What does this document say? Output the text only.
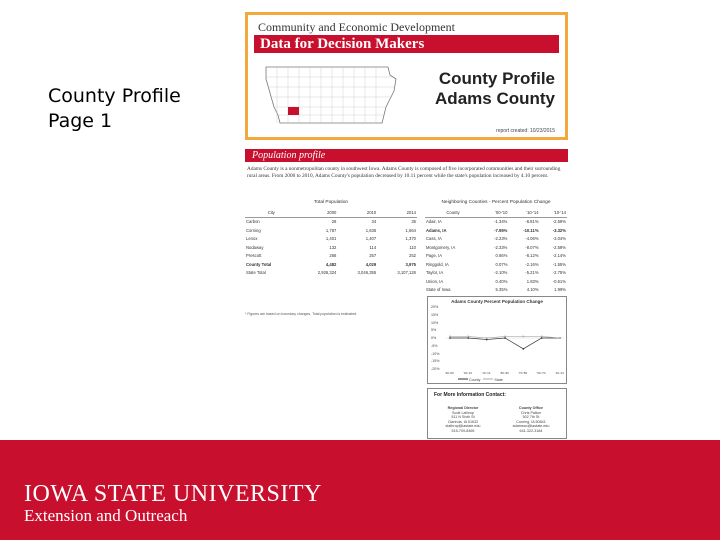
County Profile
Page 1
Community and Economic Development
Data for Decision Makers
County Profile
Adams County
report created: 10/23/2015
Population profile
Adams County is a nonmetropolitan county in southwest Iowa. Adams County is composed of five incorporated communities and their surrounding rural areas. From 2000 to 2010, Adams County's population decreased by 10.11 percent while the state's population increased by 4.10 percent.
Total Population
City	2000	2010	2014
Carbon	28	34	35
Corning	1,787	1,635	1,664
Lenox	1,401	1,407	1,370
Nodaway	132	114	110
Prescott	266	257	252
County Total	4,482	4,029	3,975
State Total	2,926,324	3,046,355	3,107,126
* Figures are based on boundary changes. Total population is estimated.
Neighboring Counties - Percent Population Change
County	'00-'10	'10-'14	'10-'14
Adair, IA	-1.34%	-6.81%	-2.59%
Adams, IA	-7.95%	-10.11%	-3.32%
Cass, IA	-2.23%	-4.06%	-3.04%
Montgomery, IA	-2.33%	-8.07%	-2.59%
Page, IA	0.66%	-6.12%	-2.14%
Ringgold, IA	0.07%	-2.16%	-1.55%
Taylor, IA	-2.10%	-5.21%	-2.75%
Union, IA	0.40%	1.83%	-0.61%
State of Iowa	5.35%	4.10%	1.99%
Adams County Percent Population Change
20%
15%
10%
5%
0%
-5%
-10%
-15%
-20%
'90-'00	'00-'10	'10-'14	'80-'90	'70-'80	'60-'70	'10-'14
County	State
For More Information Contact:
Regional Director
Scott Lathrop
511 N Sixth St
Clarinda, IA 51632
slathrop@iastate.edu
515-709-8465
County Office
Chris Patton
502 7th St
Corning, IA 50841
adamsco@iastate.edu
641-322-3184
IOWA STATE UNIVERSITY
Extension and Outreach
